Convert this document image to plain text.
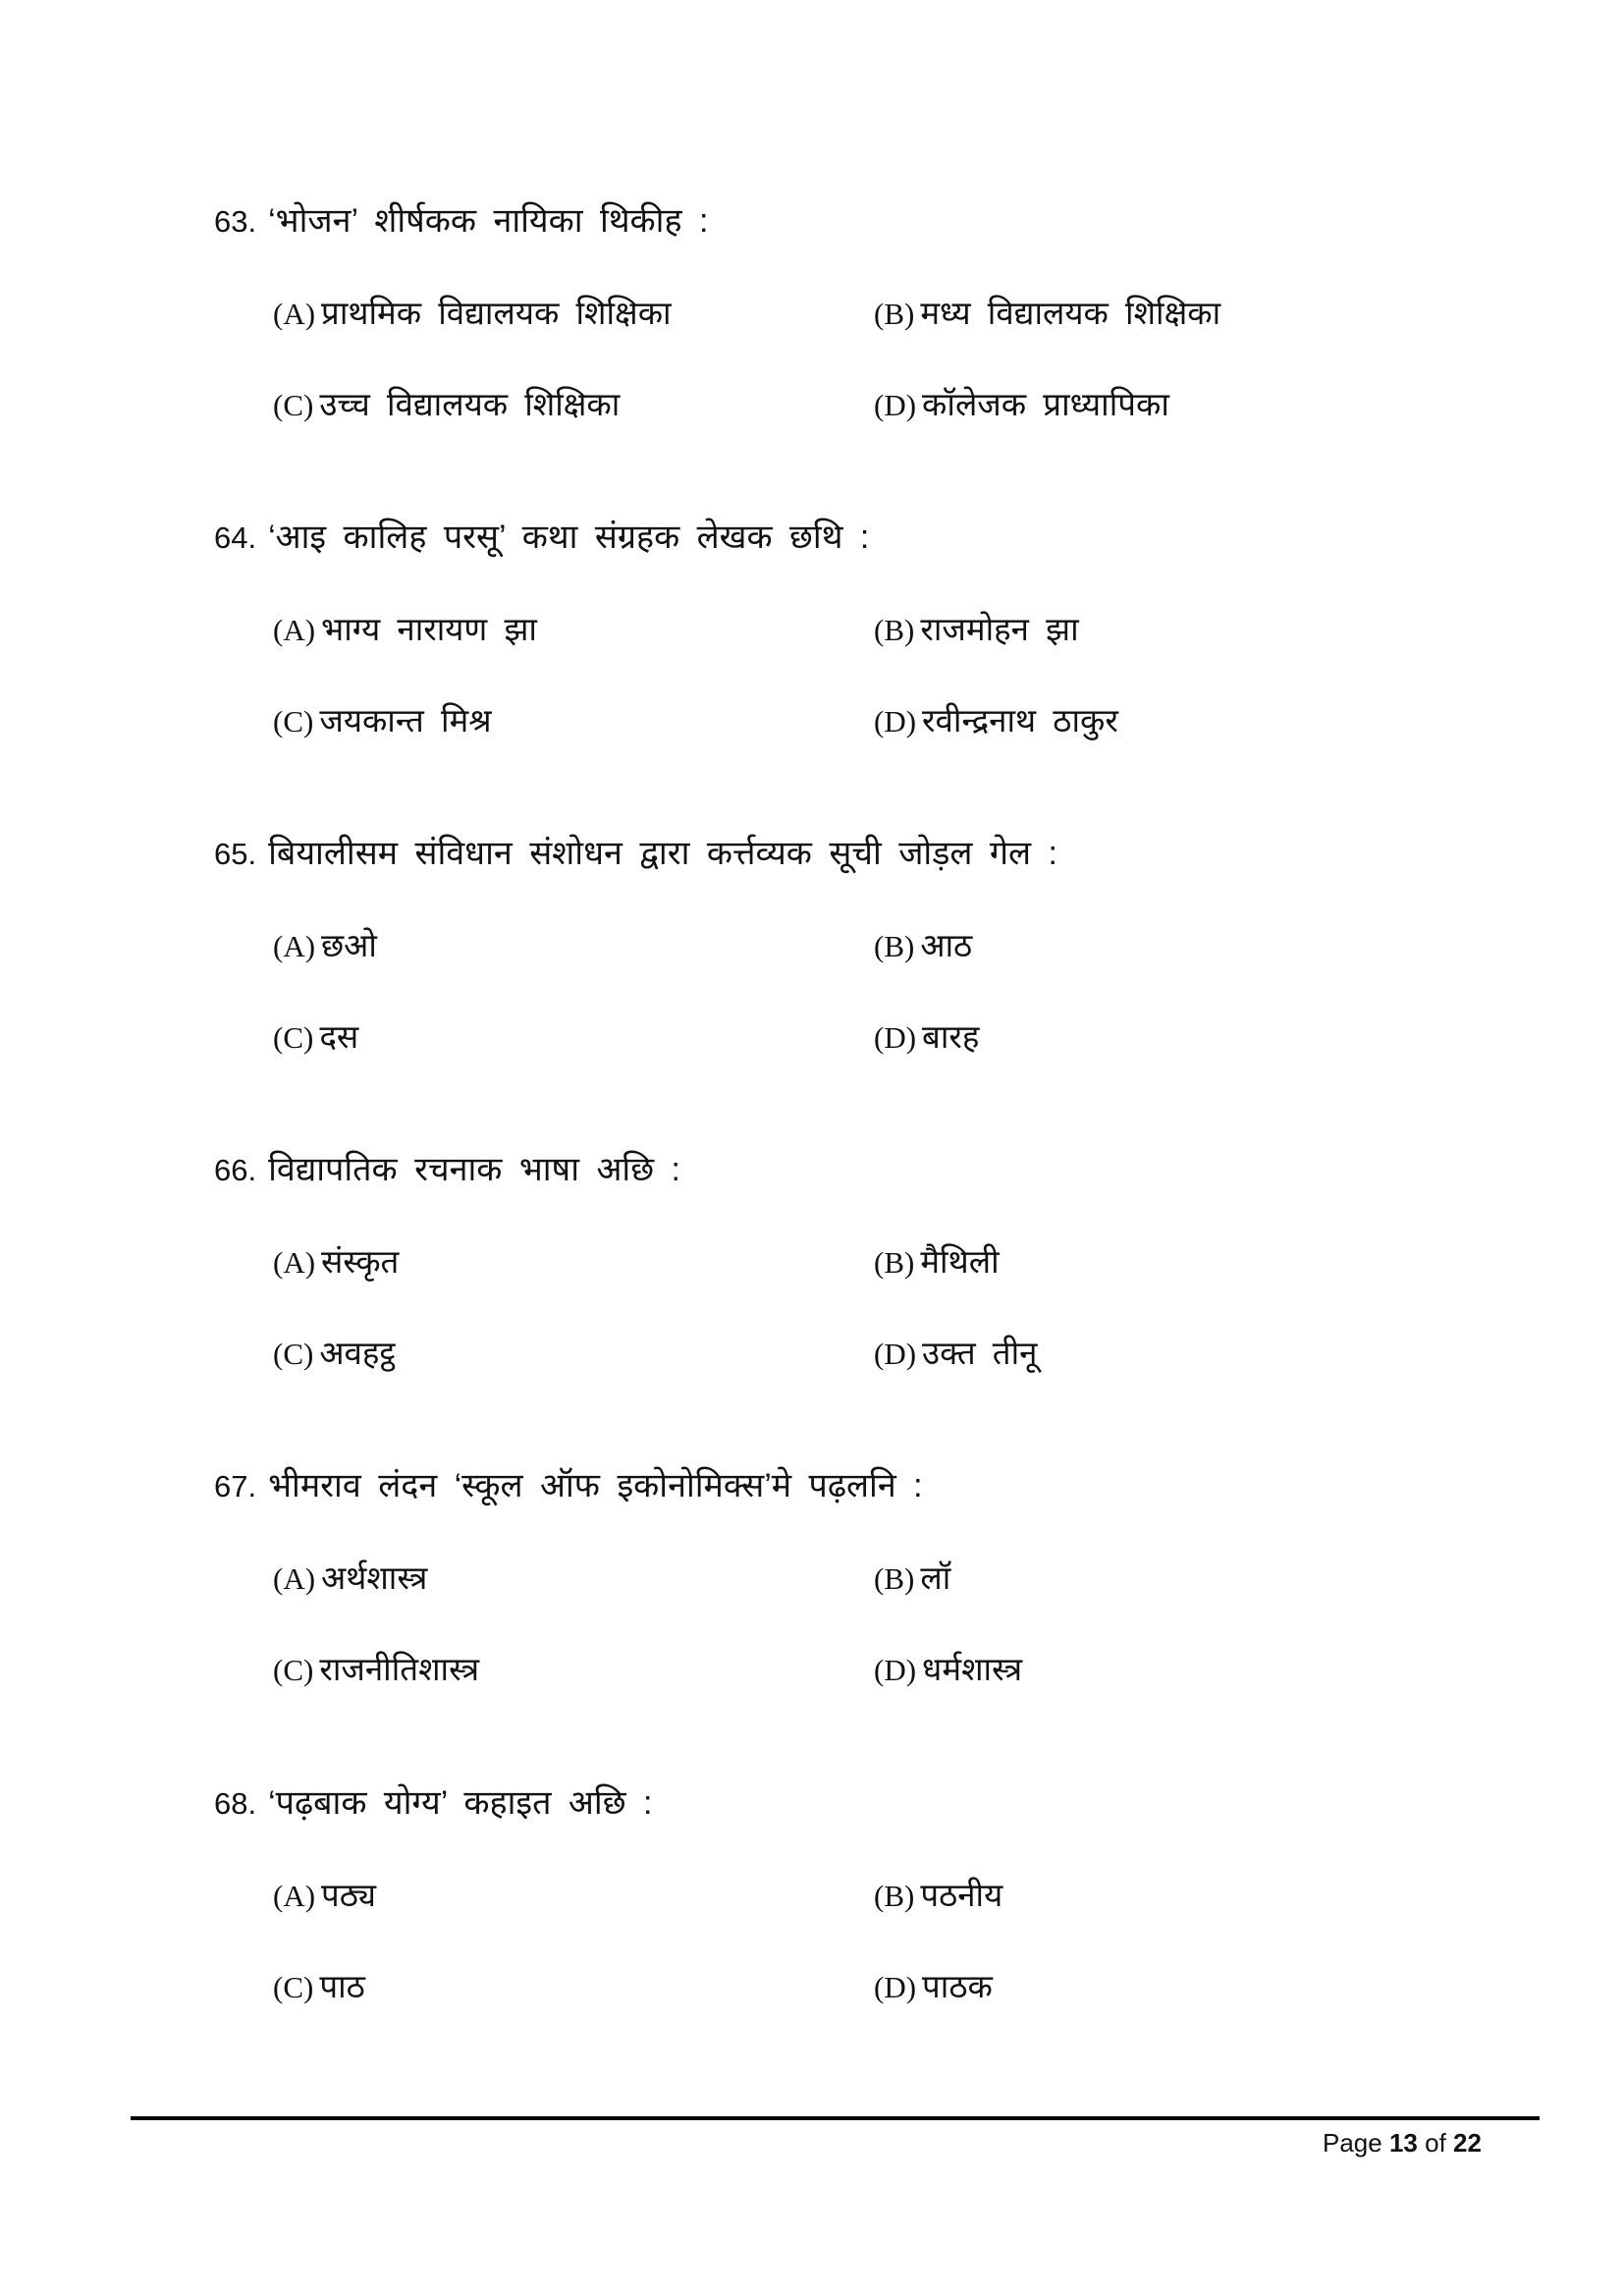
63. ‘भोजन’ शीर्षकक नायिका थिकीह :
(A) प्राथमिक विद्यालयक शिक्षिका	(B) मध्य विद्यालयक शिक्षिका
(C) उच्च विद्यालयक शिक्षिका	(D) कॉलेजक प्राध्यापिका
64. ‘आइ कालिह परसू’ कथा संग्रहक लेखक छथि :
(A) भाग्य नारायण झा	(B) राजमोहन झा
(C) जयकान्त मिश्र	(D) रवीन्द्रनाथ ठाकुर
65. बियालीसम संविधान संशोधन द्वारा कर्त्तव्यक सूची जोड़ल गेल :
(A) छओ	(B) आठ
(C) दस	(D) बारह
66. विद्यापतिक रचनाक भाषा अछि :
(A) संस्कृत	(B) मैथिली
(C) अवहट्ठ	(D) उक्त तीनू
67. भीमराव लंदन ‘स्कूल ऑफ इकोनोमिक्स’मे पढ़लनि :
(A) अर्थशास्त्र	(B) लॉ
(C) राजनीतिशास्त्र	(D) धर्मशास्त्र
68. ‘पढ़बाक योग्य’ कहाइत अछि :
(A) पठ्य	(B) पठनीय
(C) पाठ	(D) पाठक
Page 13 of 22
